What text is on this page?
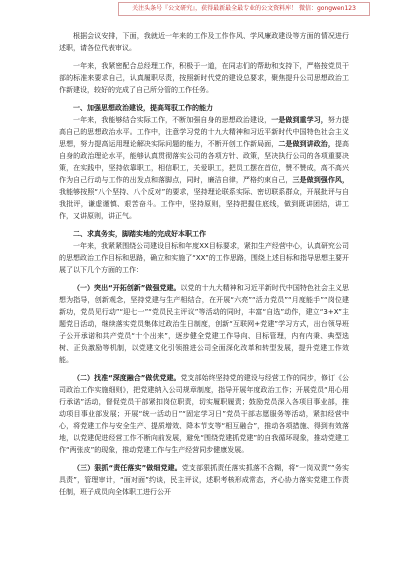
关注头条号『公文研究』，获得最新最全最专业的公文资料库！ 微信：gongwen123

根据会议安排，下面，我就近一年来的工作及工作作风、学风廉政建设等方面的情况进行述职，请各位代表审议。

一年来，我紧密配合总经理工作，积极于一道，在同志们的帮助和支持下，严格按党员干部的标准来要求自己，认真履职尽责，按照新时代党的建设总要求，聚焦提升公司思想政治工作新建设，较好的完成了自己所分管的工作任务。

一、加强思想政治建设，提高驾驭工作的能力

一年来，我能够结合实际工作，不断加强自身的思想政治建设，一是做到重学习，努力提高自己的思想政治水平。工作中，注意学习党的十九大精神和习近平新时代中国特色社会主义思想，努力提高运用理论解决实际问题的能力，不断开创工作新局面，二是做到讲政治，提高自身的政治理论水平，能够认真贯彻落实公司的各项方针、政策，坚决执行公司的各项重要决策，在实践中，坚持依靠职工，相信职工，关爱职工，把员工摆在首位，赞不赞成，高不高兴作为自己行动与工作的出发点和落脚点，同时，廉洁自律，严格约束自己，三是做到强作风，我能够按照“八个坚持、八个反对”的要求，坚持理论联系实际、密切联系群众，开展批评与自我批评，谦虚谨慎、艰苦奋斗。工作中，坚持原则，坚持把握住底线，做到既讲团结，讲工作，又讲原则，讲正气。

二、求真务实，脚踏实地的完成好本职工作

一年来，我紧紧围绕公司建设目标和年度XX目标要求，紧扣生产经营中心，认真研究公司的思想政治工作目标和思路，确立和实施了“XX”的工作思路，围绕上述目标和指导思想主要开展了以下几个方面的工作：

（一）突出“开拓创新”做强党建。以党的十九大精神和习近平新时代中国特色社会主义思想为指导，创新观念，坚持党建与生产相结合，在开展“六亮”“活力党员”“月度能手”“岗位建新功，党员见行动”“迎七一”“党员民主评议”等活动的同时，丰富“自选”动作，建立“3+X”主题党日活动，继续落实党员集体过政治生日制度，创新“互联网+党建”学习方式，出台领导班子公开承诺和共产党员“十个出来”，逐步健全党建工作导向、目标管理，内有内秉、典型选树、正负激励等机制，以党建文化引领推进公司全面深化改革和转型发展，提升党建工作效能。

（二）找准“深度融合”做优党建。党支部始终坚持党的建设与经营工作的同步，修订《公司政治工作实施细则》，把党建纳入公司规章制度，指导开展年度政治工作；开展党员“用心用行承诺”活动，督促党员干部紧扣岗位职责，切实履职履责；鼓励党员深入各项目事业部，推动项目事业部发展；开展“统一活动日”“固定学习日”党员干部志愿服务等活动，紧扣经营中心，将党建工作与安全生产、提质增效、降本节支等“相互融合”，推动各项措施、得到有效落地，以党建促进经营工作不断向前发展，避免“围绕党建抓党建”的自我循环现象，推动党建工作“两张皮”的现象，推动党建工作与生产经营同步健康发展。

（三）狠抓“责任落实”做细党建。党支部狠抓责任落实抓落不含糊，将“一岗双责”“务实具责”，管理审计，“面对面”约谈，民主评议，述职考核形成常态，齐心协力落实党建工作责任制，班子成员向全体职工进行公开
